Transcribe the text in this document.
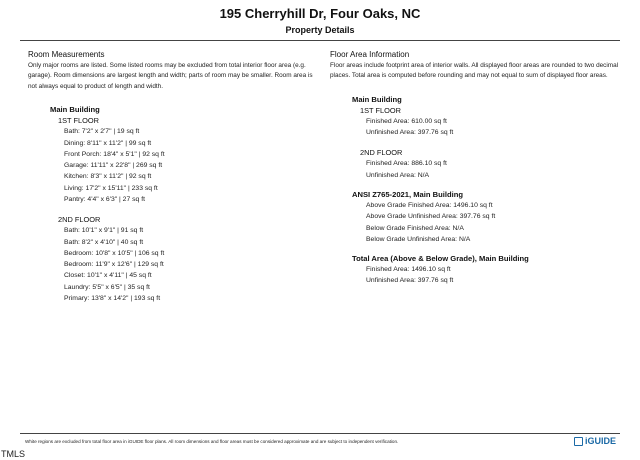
195 Cherryhill Dr, Four Oaks, NC
Property Details
Room Measurements
Only major rooms are listed. Some listed rooms may be excluded from total interior floor area (e.g. garage). Room dimensions are largest length and width; parts of room may be smaller. Room area is not always equal to product of length and width.
Main Building
1ST FLOOR
Bath: 7'2" x 2'7" | 19 sq ft
Dining: 8'11" x 11'2" | 99 sq ft
Front Porch: 18'4" x 5'1" | 92 sq ft
Garage: 11'11" x 22'8" | 269 sq ft
Kitchen: 8'3" x 11'2" | 92 sq ft
Living: 17'2" x 15'11" | 233 sq ft
Pantry: 4'4" x 6'3" | 27 sq ft
2ND FLOOR
Bath: 10'1" x 9'1" | 91 sq ft
Bath: 8'2" x 4'10" | 40 sq ft
Bedroom: 10'8" x 10'5" | 106 sq ft
Bedroom: 11'9" x 12'6" | 129 sq ft
Closet: 10'1" x 4'11" | 45 sq ft
Laundry: 5'5" x 6'5" | 35 sq ft
Primary: 13'8" x 14'2" | 193 sq ft
Floor Area Information
Floor areas include footprint area of interior walls. All displayed floor areas are rounded to two decimal places. Total area is computed before rounding and may not equal to sum of displayed floor areas.
Main Building
1ST FLOOR
Finished Area: 610.00 sq ft
Unfinished Area: 397.76 sq ft
2ND FLOOR
Finished Area: 886.10 sq ft
Unfinished Area: N/A
ANSI Z765-2021, Main Building
Above Grade Finished Area: 1496.10 sq ft
Above Grade Unfinished Area: 397.76 sq ft
Below Grade Finished Area: N/A
Below Grade Unfinished Area: N/A
Total Area (Above & Below Grade), Main Building
Finished Area: 1496.10 sq ft
Unfinished Area: 397.76 sq ft
White regions are excluded from total floor area in iGUIDE floor plans. All room dimensions and floor areas must be considered approximate and are subject to independent verification.	iGUIDE
TMLS
